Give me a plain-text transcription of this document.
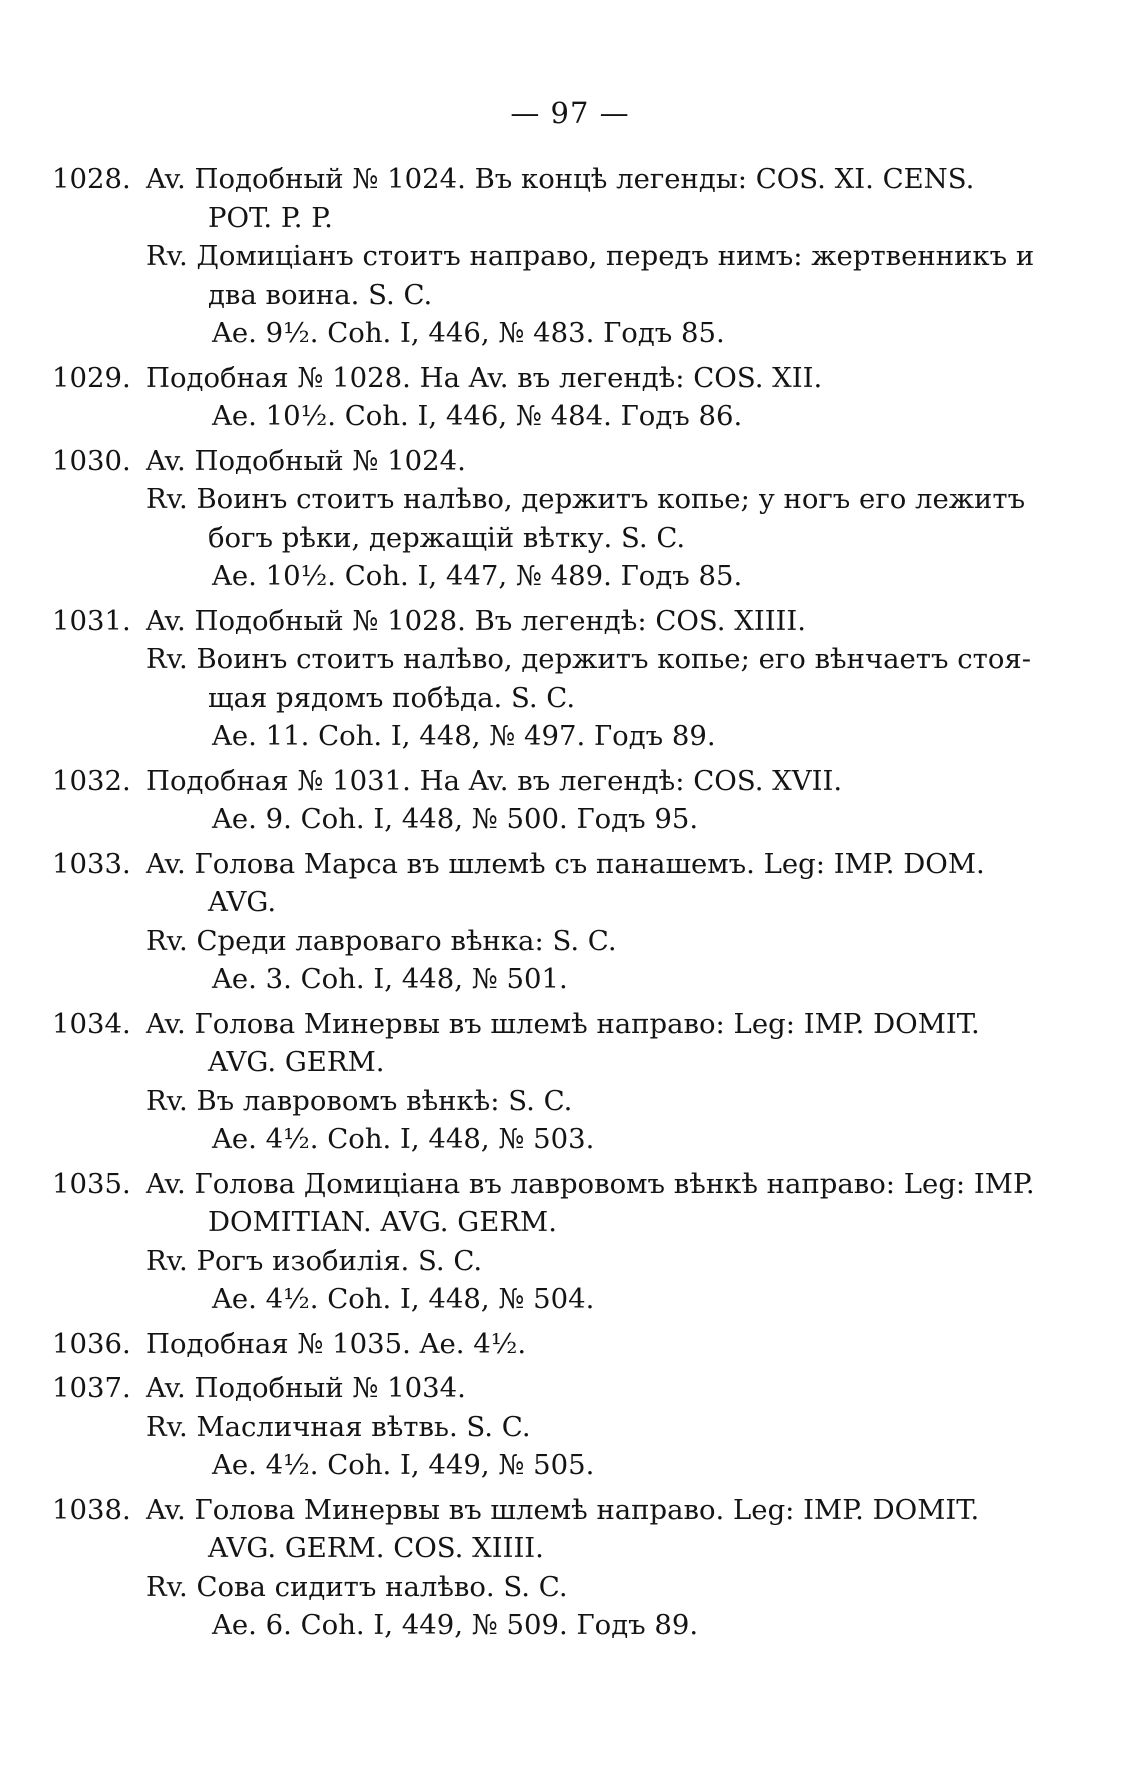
— 97 —
1028. Av. Подобный № 1024. Въ концѣ легенды: COS. XI. CENS.
POT. P. P.
Rv. Домиціанъ стоитъ направо, передъ нимъ: жертвенникъ и
два воина. S. C.
Ae. 9½. Coh. I, 446, № 483. Годъ 85.
1029. Подобная № 1028. На Av. въ легендѣ: COS. XII.
Ae. 10½. Coh. I, 446, № 484. Годъ 86.
1030. Av. Подобный № 1024.
Rv. Воинъ стоитъ налѣво, держитъ копье; у ногъ его лежитъ
богъ рѣки, держащій вѣтку. S. C.
Ae. 10½. Coh. I, 447, № 489. Годъ 85.
1031. Av. Подобный № 1028. Въ легендѣ: COS. XIIII.
Rv. Воинъ стоитъ налѣво, держитъ копье; его вѣнчаетъ стоя-
щая рядомъ побѣда. S. C.
Ae. 11. Coh. I, 448, № 497. Годъ 89.
1032. Подобная № 1031. На Av. въ легендѣ: COS. XVII.
Ae. 9. Coh. I, 448, № 500. Годъ 95.
1033. Av. Голова Марса въ шлемѣ съ панашемъ. Leg: IMP. DOM.
AVG.
Rv. Среди лавроваго вѣнка: S. C.
Ae. 3. Coh. I, 448, № 501.
1034. Av. Голова Минервы въ шлемѣ направо: Leg: IMP. DOMIT.
AVG. GERM.
Rv. Въ лавровомъ вѣнкѣ: S. C.
Ae. 4½. Coh. I, 448, № 503.
1035. Av. Голова Домиціана въ лавровомъ вѣнкѣ направо: Leg: IMP.
DOMITIAN. AVG. GERM.
Rv. Рогъ изобилія. S. C.
Ae. 4½. Coh. I, 448, № 504.
1036. Подобная № 1035. Ae. 4½.
1037. Av. Подобный № 1034.
Rv. Масличная вѣтвь. S. C.
Ae. 4½. Coh. I, 449, № 505.
1038. Av. Голова Минервы въ шлемѣ направо. Leg: IMP. DOMIT.
AVG. GERM. COS. XIIII.
Rv. Сова сидитъ налѣво. S. C.
Ae. 6. Coh. I, 449, № 509. Годъ 89.
